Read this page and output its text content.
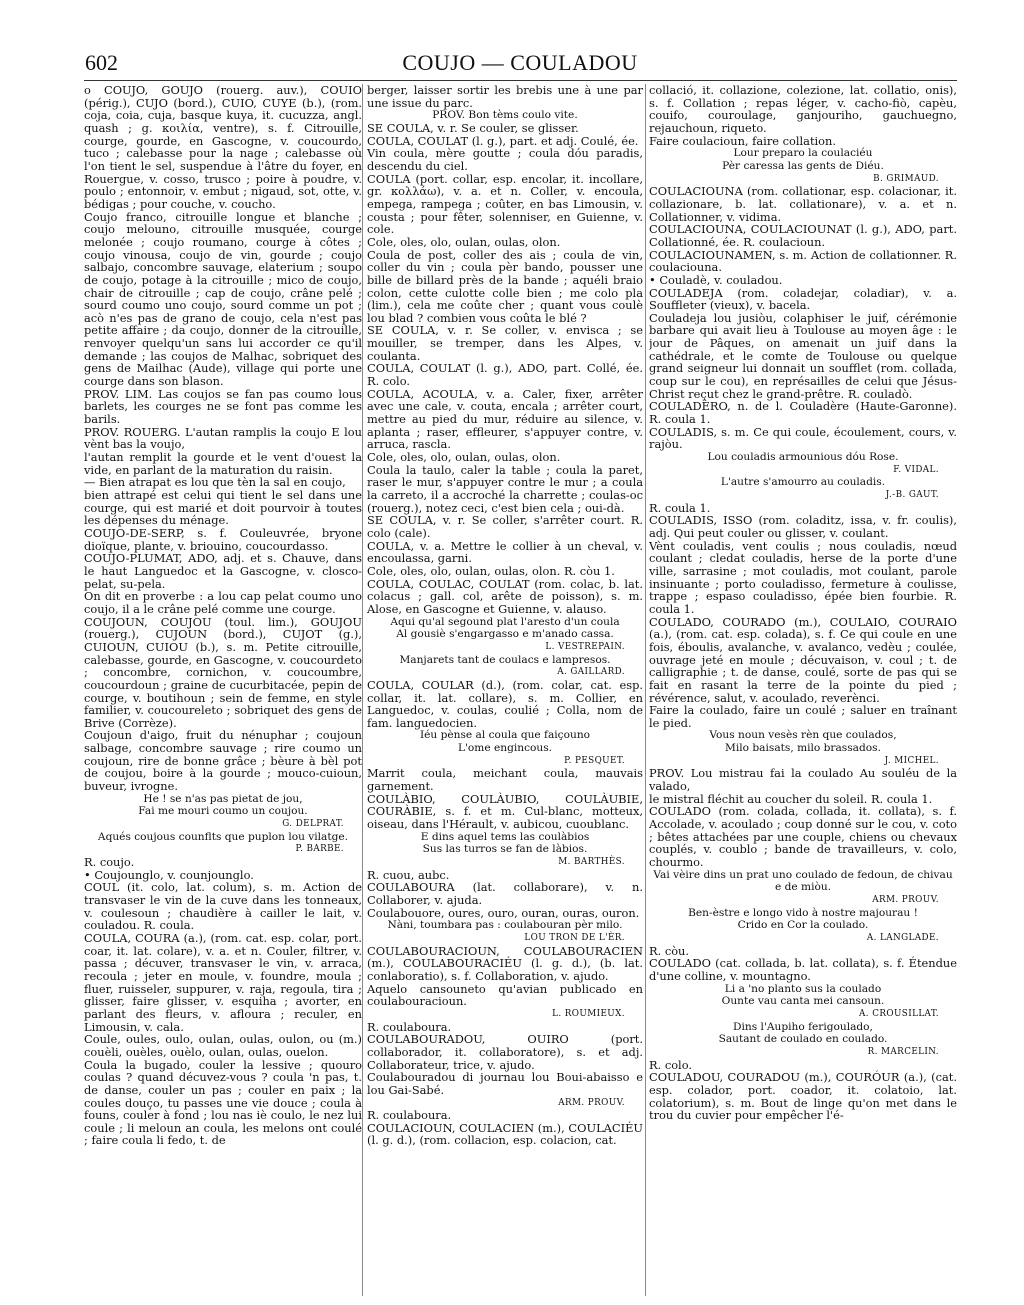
602	COUJO — COULADOU

o COUJO, GOUJO (rouerg. auv.), COUIO (périg.), CUJO (bord.), CUIO, CUYE (b.), (rom. coja, coia, cuja, basque kuya, it. cucuzza, angl. quash ; g. κοιλία, ventre), s. f. Citrouille, courge, gourde, en Gascogne, v. coucourdo, tuco ; calebasse pour la nage ; calebasse où l'on tient le sel, suspendue à l'âtre du foyer, en Rouergue, v. cosso, trusco ; poire à poudre, v. poulo ; entonnoir, v. embut ; nigaud, sot, otte, v. bédigas ; pour couche, v. coucho.

Coujo franco, citrouille longue et blanche ; coujo melouno, citrouille musquée, courge melonée ; coujo roumano, courge à côtes ; coujo vinousa, coujo de vin, gourde ; coujo salbajo, concombre sauvage, elaterium ; soupo de coujo, potage à la citrouille ; mico de coujo, chair de citrouille ; cap de coujo, crâne pelé ; sourd coumo uno coujo, sourd comme un pot ; acò n'es pas de grano de coujo, cela n'est pas petite affaire ; da coujo, donner de la citrouille, renvoyer quelqu'un sans lui accorder ce qu'il demande ; las coujos de Malhac, sobriquet des gens de Mailhac (Aude), village qui porte une courge dans son blason.

PROV. LIM. Las coujos se fan pas coumo lous barlets, les courges ne se font pas comme les barils.

PROV. ROUERG. L'autan ramplis la coujo E lou vènt bas la voujo,

l'autan remplit la gourde et le vent d'ouest la vide, en parlant de la maturation du raisin.

— Bien atrapat es lou que tèn la sal en coujo,

bien attrapé est celui qui tient le sel dans une courge, qui est marié et doit pourvoir à toutes les dépenses du ménage.

COUJO-DE-SERP, s. f. Couleuvrée, bryone dioïque, plante, v. briouino, coucourdasso.

COUJO-PLUMAT, ADO, adj. et s. Chauve, dans le haut Languedoc et la Gascogne, v. closco-pelat, su-pela.

On dit en proverbe : a lou cap pelat coumo uno coujo, il a le crâne pelé comme une courge.

COUJOUN, COUJOU (toul. lim.), GOUJOU (rouerg.), CUJOUN (bord.), CUJOT (g.), CUIOUN, CUIOU (b.), s. m. Petite citrouille, calebasse, gourde, en Gascogne, v. coucourdeto ; concombre, cornichon, v. coucoumbre, coucourdoun ; graine de cucurbitacée, pepin de courge, v. boutihoun ; sein de femme, en style familier, v. coucoureleto ; sobriquet des gens de Brive (Corrèze).

Coujoun d'aigo, fruit du nénuphar ; coujoun salbage, concombre sauvage ; rire coumo un coujoun, rire de bonne grâce ; bèure à bèl pot de coujou, boire à la gourde ; mouco-cuioun, buveur, ivrogne.

He ! se n'as pas pietat de jou,

Fai me mouri coumo un coujou.

G. DELPRAT.

Aqués coujous counflts que puplon lou vilatge.

P. BARBE.

R. coujo.

• Coujounglo, v. counjounglo.

COUL (it. colo, lat. colum), s. m. Action de transvaser le vin de la cuve dans les tonneaux, v. coulesoun ; chaudière à cailler le lait, v. couladou. R. coula.

COULA, COURA (a.), (rom. cat. esp. colar, port. coar, it. lat. colare), v. a. et n. Couler, filtrer, v. passa ; décuver, transvaser le vin, v. arraca, recoula ; jeter en moule, v. foundre, moula ; fluer, ruisseler, suppurer, v. raja, regoula, tira ; glisser, faire glisser, v. esquiha ; avorter, en parlant des fleurs, v. afloura ; reculer, en Limousin, v. cala.

Coule, oules, oulo, oulan, oulas, oulon, ou (m.) couèli, ouèles, ouèlo, oulan, oulas, ouelon.

Coula la bugado, couler la lessive ; quouro coulas ? quand décuvez-vous ? coula 'n pas, t. de danse, couler un pas ; couler en paix ; la coules douço, tu passes une vie douce ; coula à founs, couler à fond ; lou nas iè coulo, le nez lui coule ; li meloun an coula, les melons ont coulé ; faire coula li fedo, t. de

berger, laisser sortir les brebis une à une par une issue du parc.

PROV. Bon tèms coulo vite.

SE COULA, v. r. Se couler, se glisser.

COULA, COULAT (l. g.), part. et adj. Coulé, ée.

Vin coula, mère goutte ; coula dóu paradis, descendu du ciel.

COULA (port. collar, esp. encolar, it. incollare, gr. κολλάω), v. a. et n. Coller, v. encoula, empega, rampega ; coûter, en bas Limousin, v. cousta ; pour fêter, solenniser, en Guienne, v. cole.

Cole, oles, olo, oulan, oulas, olon.

Coula de post, coller des ais ; coula de vin, coller du vin ; coula pèr bando, pousser une bille de billard près de la bande ; aquéli braio colon, cette culotte colle bien ; me colo pla (lim.), cela me coûte cher ; quant vous coulè lou blad ? combien vous coûta le blé ?

SE COULA, v. r. Se coller, v. envisca ; se mouiller, se tremper, dans les Alpes, v. coulanta.

COULA, COULAT (l. g.), ADO, part. Collé, ée. R. colo.

COULA, ACOULA, v. a. Caler, fixer, arrêter avec une cale, v. couta, encala ; arrêter court, mettre au pied du mur, réduire au silence, v. aplanta ; raser, effleurer, s'appuyer contre, v. arruca, rascla.

Cole, oles, olo, oulan, oulas, olon.

Coula la taulo, caler la table ; coula la paret, raser le mur, s'appuyer contre le mur ; a coula la carreto, il a accroché la charrette ; coulas-oc (rouerg.), notez ceci, c'est bien cela ; oui-dà.

SE COULA, v. r. Se coller, s'arrêter court. R. colo (cale).

COULA, v. a. Mettre le collier à un cheval, v. encoulassa, garni.

Cole, oles, olo, oulan, oulas, olon. R. còu 1.

COULA, COULAC, COULAT (rom. colac, b. lat. colacus ; gall. col, arête de poisson), s. m. Alose, en Gascogne et Guienne, v. alauso.

Aqui qu'al segound plat l'aresto d'un coula

Al gousiè s'engargasso e m'anado cassa.

L. VESTREPAIN.

Manjarets tant de coulacs e lampresos.

A. GAILLARD.

COULA, COULAR (d.), (rom. colar, cat. esp. collar, it. lat. collare), s. m. Collier, en Languedoc, v. coulas, coulié ; Colla, nom de fam. languedocien.

Iéu pènse al coula que faiçouno

L'ome engincous.

P. PESQUET.

Marrit coula, meichant coula, mauvais garnement.

COULÀBIO, COULÀUBIO, COULÀUBIE, COURÀBIE, s. f. et m. Cul-blanc, motteux, oiseau, dans l'Hérault, v. aubicou, cuoublanc.

E dins aquel tems las coulàbios

Sus las turros se fan de làbios.

M. BARTHÈS.

R. cuou, aubc.

COULABOURA (lat. collaborare), v. n. Collaborer, v. ajuda.

Coulabouore, oures, ouro, ouran, ouras, ouron.

Nàni, toumbara pas : coulabouran pèr milo.

LOU TRON DE L'ÈR.

COULABOURACIOUN, COULABOURACIEN (m.), COULABOURACIÉU (l. g. d.), (b. lat. conlaboratio), s. f. Collaboration, v. ajudo.

Aquelo cansouneto qu'avian publicado en coulabouracioun.

L. ROUMIEUX.

R. coulaboura.

COULABOURADOU, OUIRO (port. collaborador, it. collaboratore), s. et adj. Collaborateur, trice, v. ajudo.

Coulabouradou di journau lou Boui-abaisso e lou Gai-Sabé.

ARM. PROUV.

R. coulaboura.

COULACIOUN, COULACIEN (m.), COULACIÉU (l. g. d.), (rom. collacion, esp. colacion, cat.

collació, it. collazione, colezione, lat. collatio, onis), s. f. Collation ; repas léger, v. cacho-fiò, capèu, couifo, couroulage, ganjouriho, gauchuegno, rejauchoun, riqueto.

Faire coulacioun, faire collation.

Lour preparo la coulaciéu

Pèr caressa las gents de Diéu.

B. GRIMAUD.

COULACIOUNA (rom. collationar, esp. colacionar, it. collazionare, b. lat. collationare), v. a. et n. Collationner, v. vidima.

COULACIOUNA, COULACIOUNAT (l. g.), ADO, part. Collationné, ée. R. coulacioun.

COULACIOUNAMEN, s. m. Action de collationner. R. coulaciouna.

• Couladè, v. couladou.

COULADEJA (rom. coladejar, coladiar), v. a. Souffleter (vieux), v. bacela.

Couladeja lou jusiòu, colaphiser le juif, cérémonie barbare qui avait lieu à Toulouse au moyen âge : le jour de Pâques, on amenait un juif dans la cathédrale, et le comte de Toulouse ou quelque grand seigneur lui donnait un soufflet (rom. collada, coup sur le cou), en représailles de celui que Jésus-Christ reçut chez le grand-prêtre. R. couladò.

COULADÈRO, n. de l. Couladère (Haute-Garonne). R. coula 1.

COULADIS, s. m. Ce qui coule, écoulement, cours, v. rajòu.

Lou couladis armounious dóu Rose.

F. VIDAL.

L'autre s'amourro au couladis.

J.-B. GAUT.

R. coula 1.

COULADIS, ISSO (rom. coladitz, issa, v. fr. coulis), adj. Qui peut couler ou glisser, v. coulant.

Vènt couladis, vent coulis ; nous couladis, nœud coulant ; cledat couladis, herse de la porte d'une ville, sarrasine ; mot couladis, mot coulant, parole insinuante ; porto couladisso, fermeture à coulisse, trappe ; espaso couladisso, épée bien fourbie. R. coula 1.

COULADO, COURADO (m.), COULAIO, COURAIO (a.), (rom. cat. esp. colada), s. f. Ce qui coule en une fois, éboulis, avalanche, v. avalanco, vedèu ; coulée, ouvrage jeté en moule ; décuvaison, v. coul ; t. de calligraphie ; t. de danse, coulé, sorte de pas qui se fait en rasant la terre de la pointe du pied ; révérence, salut, v. acoulado, reverènci.

Faire la coulado, faire un coulé ; saluer en traînant le pied.

Vous noun vesès rèn que coulados,

Milo baisats, milo brassados.

J. MICHEL.

PROV. Lou mistrau fai la coulado Au souléu de la valado,

le mistral fléchit au coucher du soleil. R. coula 1.

COULADO (rom. colada, collada, it. collata), s. f. Accolade, v. acoulado ; coup donné sur le cou, v. coto ; bêtes attachées par une couple, chiens ou chevaux couplés, v. coublo ; bande de travailleurs, v. colo, chourmo.

Vai vèire dins un prat uno coulado de fedoun, de chivau e de miòu.

ARM. PROUV.

Ben-èstre e longo vido à nostre majourau !

Crido en Cor la coulado.

A. LANGLADE.

R. còu.

COULADO (cat. collada, b. lat. collata), s. f. Étendue d'une colline, v. mountagno.

Li a 'no planto sus la coulado

Ounte vau canta mei cansoun.

A. CROUSILLAT.

Dins l'Aupiho ferigoulado,

Sautant de coulado en coulado.

R. MARCELIN.

R. colo.

COULADOU, COURADOU (m.), COURÓUR (a.), (cat. esp. colador, port. coador, it. colatoio, lat. colatorium), s. m. Bout de linge qu'on met dans le trou du cuvier pour empêcher l'é-
